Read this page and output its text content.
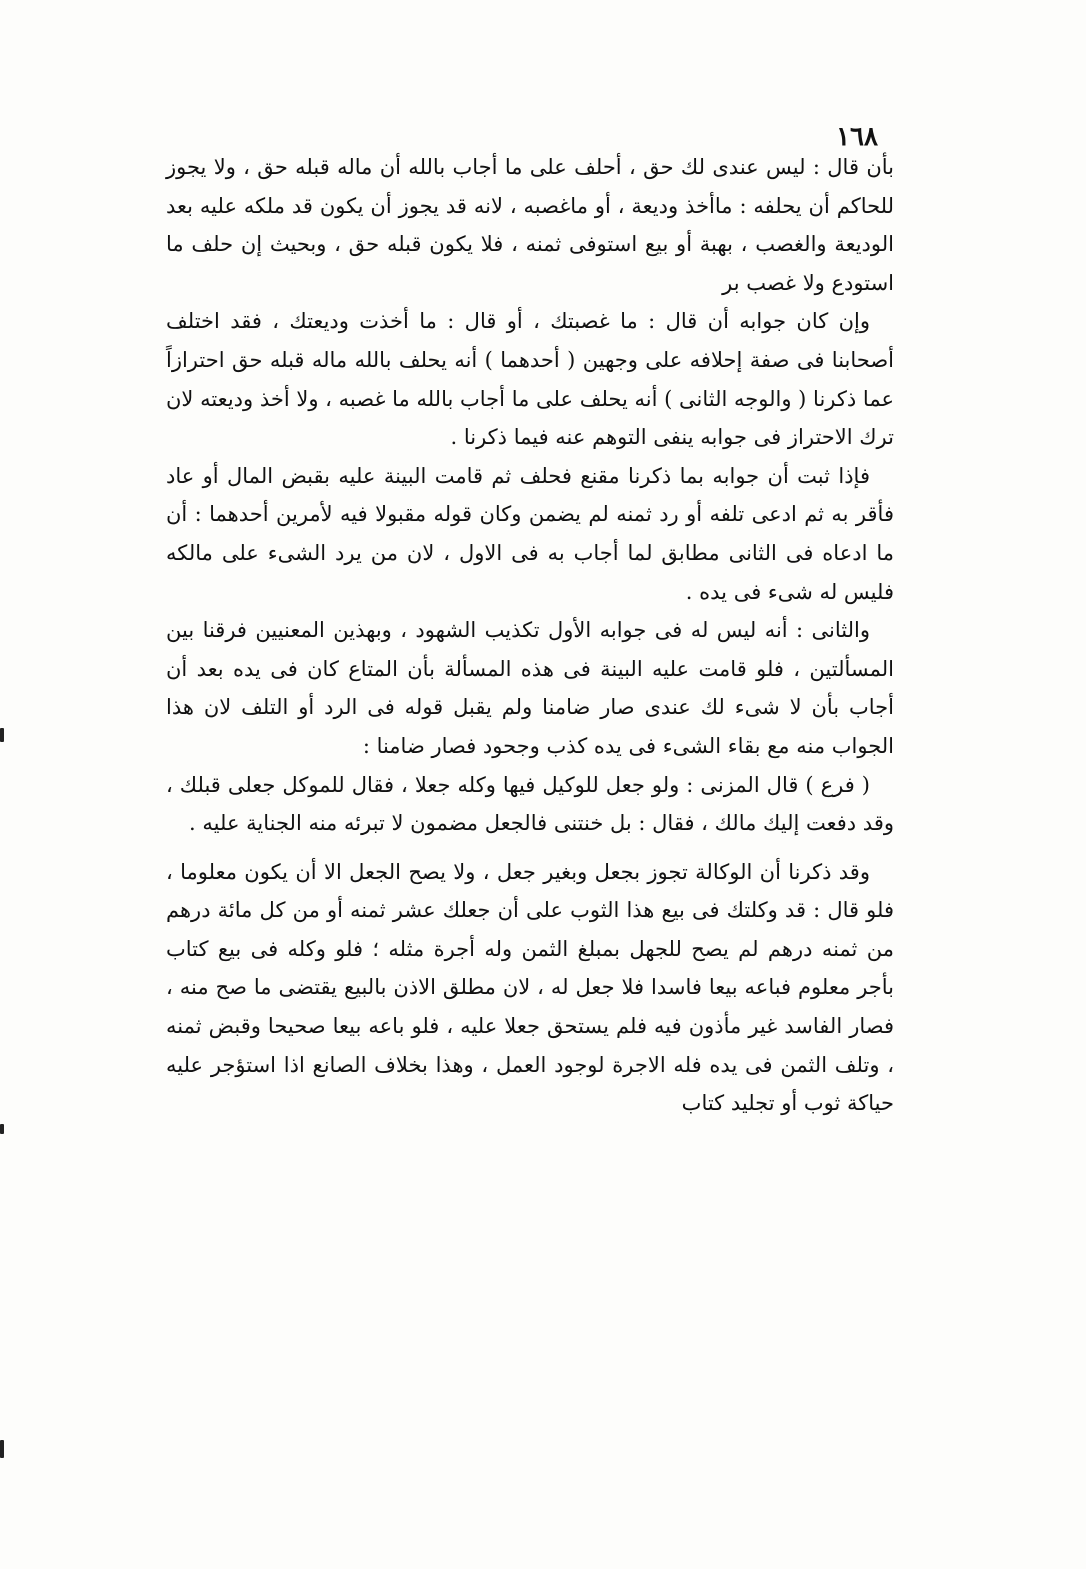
١٦٨

بأن قال : ليس عندى لك حق ، أحلف على ما أجاب بالله أن ماله قبله حق ، ولا يجوز للحاكم أن يحلفه : ماأخذ وديعة ، أو ماغصبه ، لانه قد يجوز أن يكون قد ملكه عليه بعد الوديعة والغصب ، بهبة أو بيع استوفى ثمنه ، فلا يكون قبله حق ، وبحيث إن حلف ما استودع ولا غصب بر

وإن كان جوابه أن قال : ما غصبتك ، أو قال : ما أخذت وديعتك ، فقد اختلف أصحابنا فى صفة إحلافه على وجهين ( أحدهما ) أنه يحلف بالله ماله قبله حق احترازاً عما ذكرنا ( والوجه الثانى ) أنه يحلف على ما أجاب بالله ما غصبه ، ولا أخذ وديعته لان ترك الاحتراز فى جوابه ينفى التوهم عنه فيما ذكرنا .

فإذا ثبت أن جوابه بما ذكرنا مقنع فحلف ثم قامت البينة عليه بقبض المال أو عاد فأقر به ثم ادعى تلفه أو رد ثمنه لم يضمن وكان قوله مقبولا فيه لأمرين أحدهما : أن ما ادعاه فى الثانى مطابق لما أجاب به فى الاول ، لان من يرد الشىء على مالكه فليس له شىء فى يده .

والثانى : أنه ليس له فى جوابه الأول تكذيب الشهود ، وبهذين المعنيين فرقنا بين المسألتين ، فلو قامت عليه البينة فى هذه المسألة بأن المتاع كان فى يده بعد أن أجاب بأن لا شىء لك عندى صار ضامنا ولم يقبل قوله فى الرد أو التلف لان هذا الجواب منه مع بقاء الشىء فى يده كذب وجحود فصار ضامنا :

( فرع ) قال المزنى : ولو جعل للوكيل فيها وكله جعلا ، فقال للموكل جعلى قبلك ، وقد دفعت إليك مالك ، فقال : بل خنتنى فالجعل مضمون لا تبرئه منه الجناية عليه .

وقد ذكرنا أن الوكالة تجوز بجعل وبغير جعل ، ولا يصح الجعل الا أن يكون معلوما ، فلو قال : قد وكلتك فى بيع هذا الثوب على أن جعلك عشر ثمنه أو من كل مائة درهم من ثمنه درهم لم يصح للجهل بمبلغ الثمن وله أجرة مثله ؛ فلو وكله فى بيع كتاب بأجر معلوم فباعه بيعا فاسدا فلا جعل له ، لان مطلق الاذن بالبيع يقتضى ما صح منه ، فصار الفاسد غير مأذون فيه فلم يستحق جعلا عليه ، فلو باعه بيعا صحيحا وقبض ثمنه ، وتلف الثمن فى يده فله الاجرة لوجود العمل ، وهذا بخلاف الصانع اذا استؤجر عليه حياكة ثوب أو تجليد كتاب
